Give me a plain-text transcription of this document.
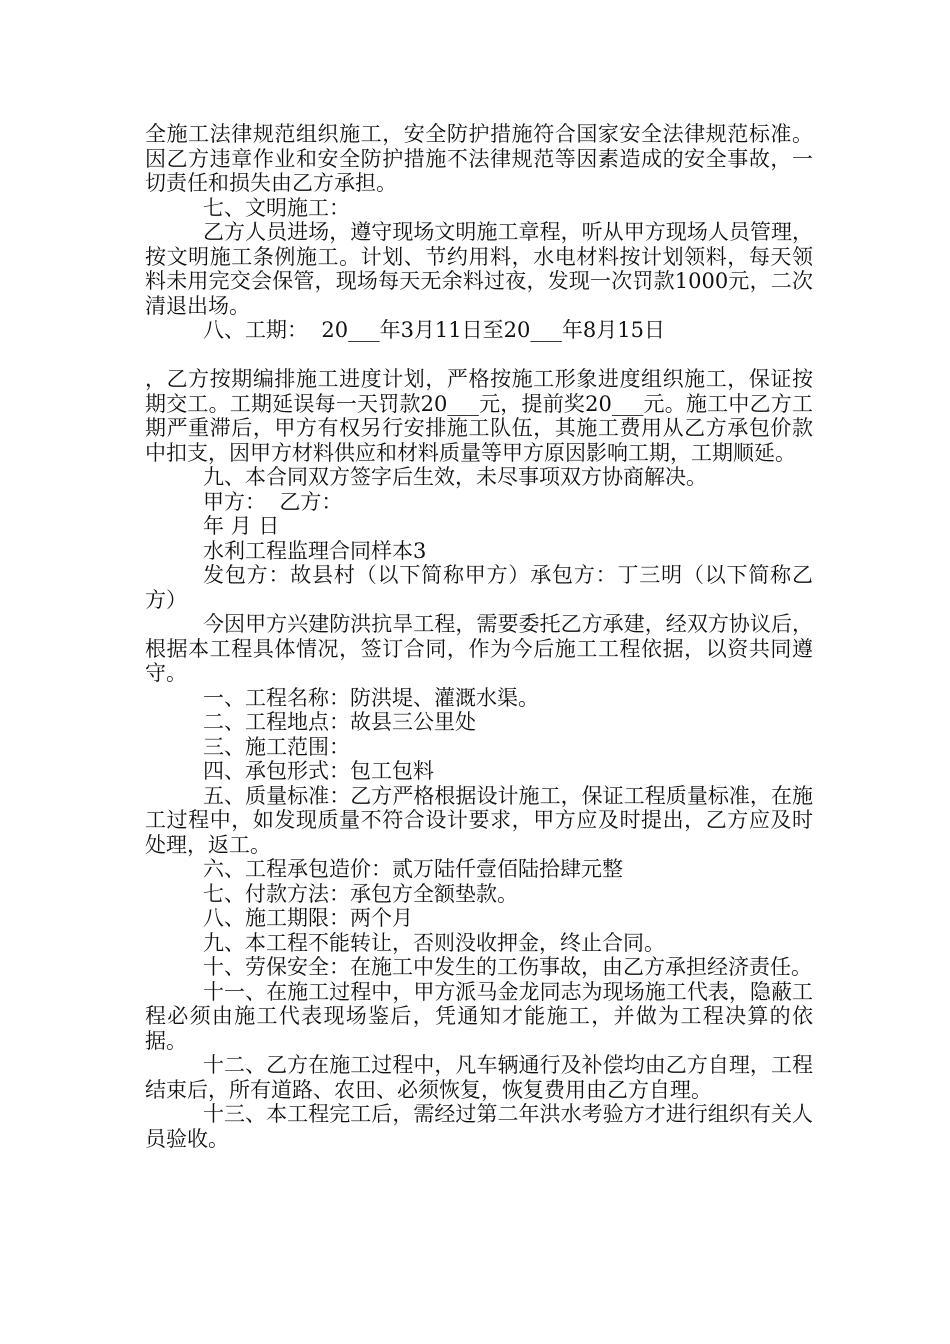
全施工法律规范组织施工，安全防护措施符合国家安全法律规范标准。因乙方违章作业和安全防护措施不法律规范等因素造成的安全事故，一切责任和损失由乙方承担。

七、文明施工：

乙方人员进场，遵守现场文明施工章程，听从甲方现场人员管理，按文明施工条例施工。计划、节约用料，水电材料按计划领料，每天领料未用完交会保管，现场每天无余料过夜，发现一次罚款1000元，二次清退出场。

八、工期：  20___年3月11日至20___年8月15日

，乙方按期编排施工进度计划，严格按施工形象进度组织施工，保证按期交工。工期延误每一天罚款20___元，提前奖20___元。施工中乙方工期严重滞后，甲方有权另行安排施工队伍，其施工费用从乙方承包价款中扣支，因甲方材料供应和材料质量等甲方原因影响工期，工期顺延。

九、本合同双方签字后生效，未尽事项双方协商解决。

甲方：  乙方：

年 月 日

水利工程监理合同样本3

发包方：故县村（以下简称甲方）承包方：丁三明（以下简称乙方）

今因甲方兴建防洪抗旱工程，需要委托乙方承建，经双方协议后，根据本工程具体情况，签订合同，作为今后施工工程依据，以资共同遵守。

一、工程名称：防洪堤、灌溉水渠。

二、工程地点：故县三公里处

三、施工范围：

四、承包形式：包工包料

五、质量标准：乙方严格根据设计施工，保证工程质量标准，在施工过程中，如发现质量不符合设计要求，甲方应及时提出，乙方应及时处理，返工。

六、工程承包造价：贰万陆仟壹佰陆拾肆元整

七、付款方法：承包方全额垫款。

八、施工期限：两个月

九、本工程不能转让，否则没收押金，终止合同。

十、劳保安全：在施工中发生的工伤事故，由乙方承担经济责任。

十一、在施工过程中，甲方派马金龙同志为现场施工代表，隐蔽工程必须由施工代表现场鉴后，凭通知才能施工，并做为工程决算的依据。

十二、乙方在施工过程中，凡车辆通行及补偿均由乙方自理，工程结束后，所有道路、农田、必须恢复，恢复费用由乙方自理。

十三、本工程完工后，需经过第二年洪水考验方才进行组织有关人员验收。
